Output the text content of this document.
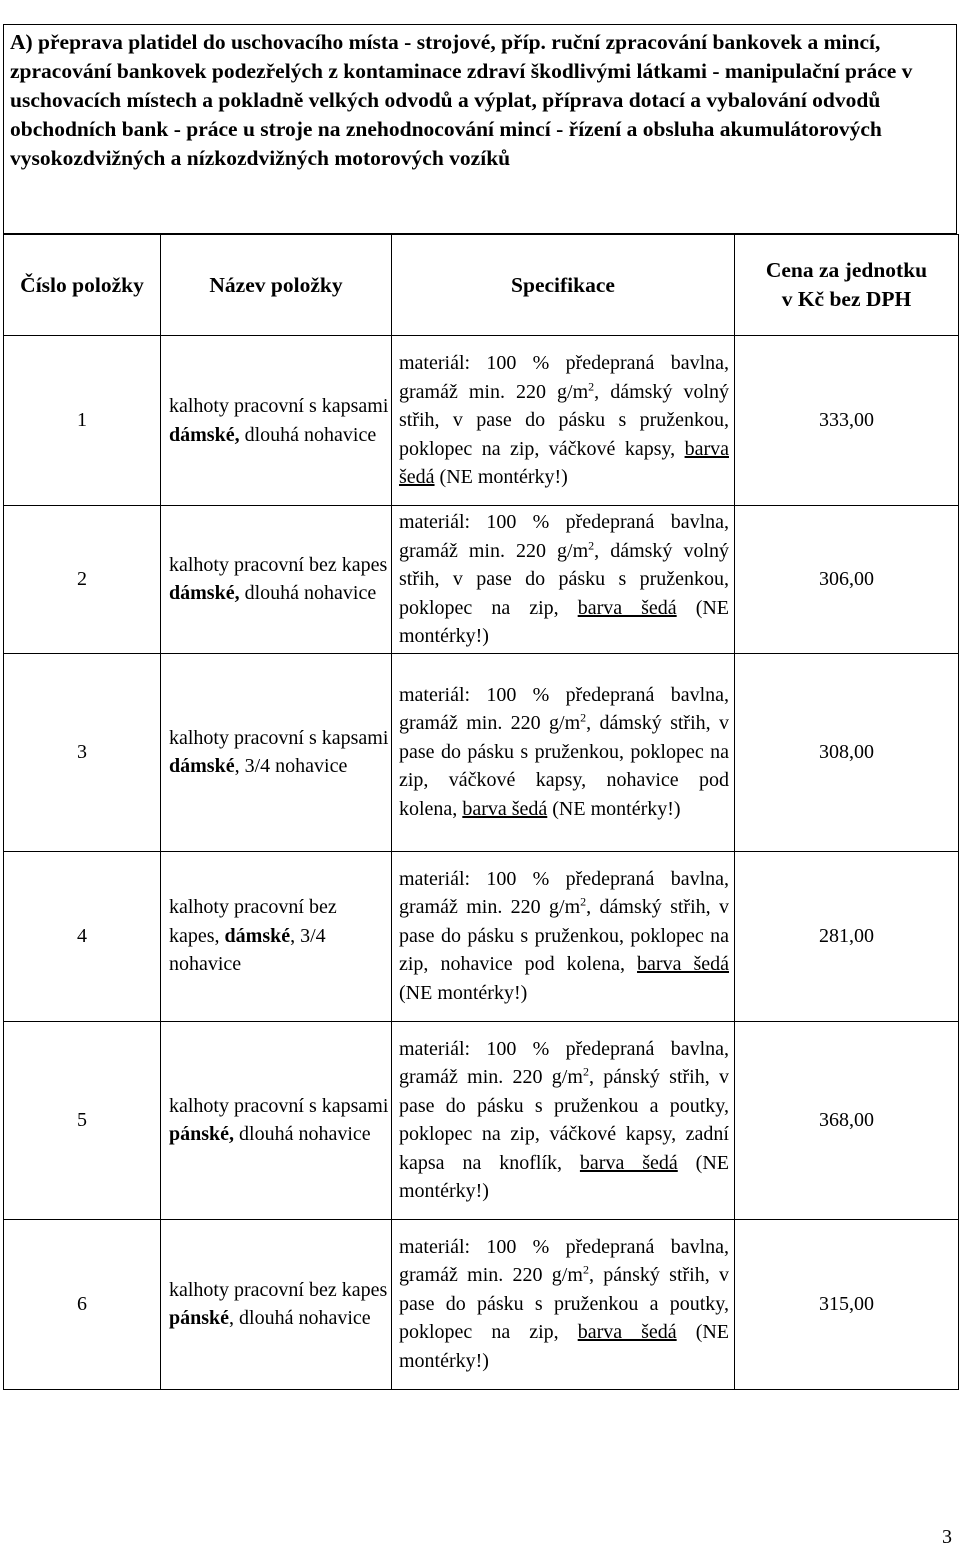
A) přeprava platidel do uschovacího místa - strojové, příp. ruční zpracování bankovek a mincí, zpracování bankovek podezřelých z kontaminace zdraví škodlivými látkami - manipulační práce v uschovacích místech a pokladně velkých odvodů a výplat, příprava dotací a vybalování odvodů obchodních bank - práce u stroje na znehodnocování mincí - řízení a obsluha akumulátorových vysokozdvižných a nízkozdvižných motorových vozíků

Číslo položky	Název položky	Specifikace	Cena za jednotku
v Kč bez DPH
1	kalhoty pracovní s kapsami dámské, dlouhá nohavice	materiál: 100 % předepraná bavlna, gramáž min. 220 $g/m^2$, dámský volný střih, v pase do pásku s pruženkou, poklopec na zip, váčkové kapsy, barva šedá (NE montérky!)	333,00
2	kalhoty pracovní bez kapes dámské, dlouhá nohavice	materiál: 100 % předepraná bavlna, gramáž min. 220 $g/m^2$, dámský volný střih, v pase do pásku s pruženkou, poklopec na zip, barva šedá (NE montérky!)	306,00
3	kalhoty pracovní s kapsami dámské, 3/4 nohavice	materiál: 100 % předepraná bavlna, gramáž min. 220 $g/m^2$, dámský střih, v pase do pásku s pruženkou, poklopec na zip, váčkové kapsy, nohavice pod kolena, barva šedá (NE montérky!)	308,00
4	kalhoty pracovní bez kapes, dámské, 3/4 nohavice	materiál: 100 % předepraná bavlna, gramáž min. 220 $g/m^2$, dámský střih, v pase do pásku s pruženkou, poklopec na zip, nohavice pod kolena, barva šedá (NE montérky!)	281,00
5	kalhoty pracovní s kapsami pánské, dlouhá nohavice	materiál: 100 % předepraná bavlna, gramáž min. 220 $g/m^2$, pánský střih, v pase do pásku s pruženkou a poutky, poklopec na zip, váčkové kapsy, zadní kapsa na knoflík, barva šedá (NE montérky!)	368,00
6	kalhoty pracovní bez kapes pánské, dlouhá nohavice	materiál: 100 % předepraná bavlna, gramáž min. 220 $g/m^2$, pánský střih, v pase do pásku s pruženkou a poutky, poklopec na zip, barva šedá (NE montérky!)	315,00
3
